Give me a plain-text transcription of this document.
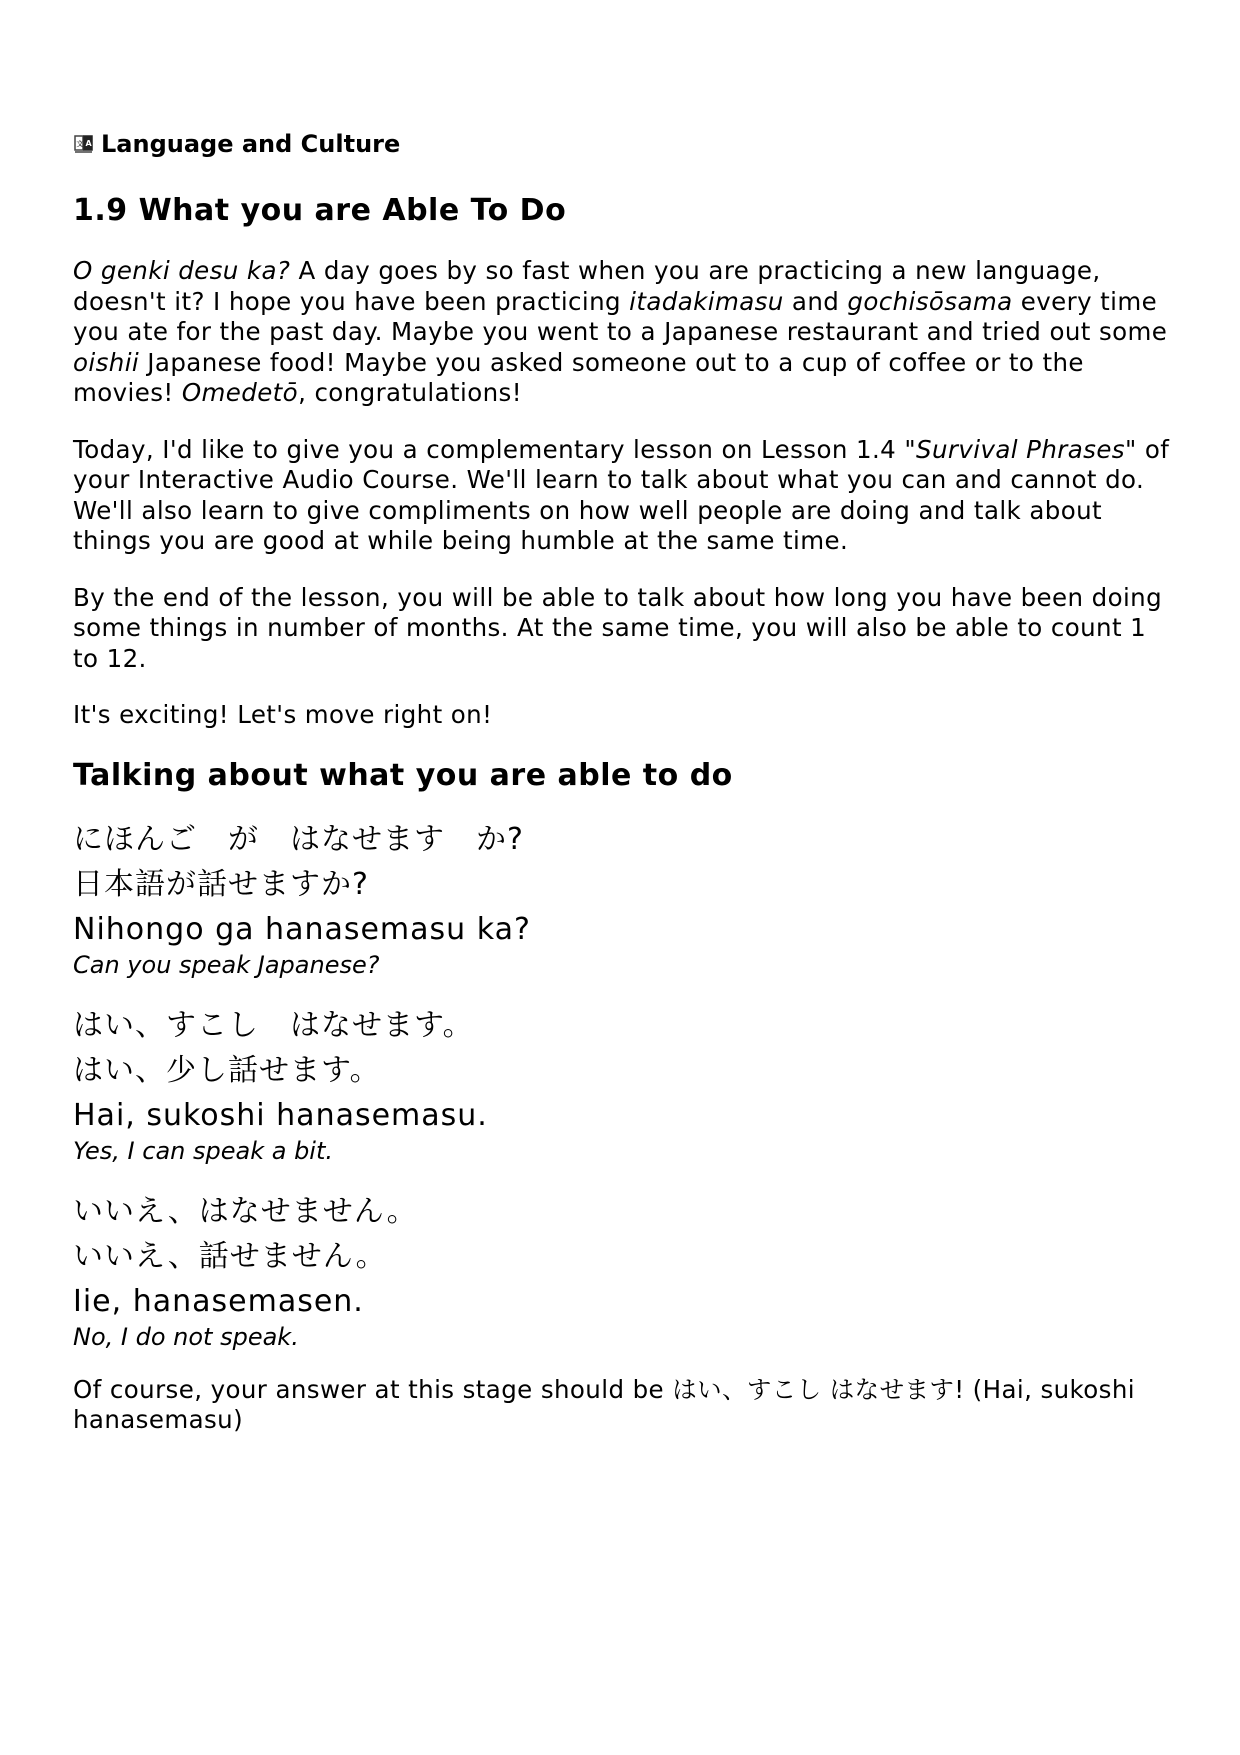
文 A Language and Culture
1.9 What you are Able To Do

O genki desu ka? A day goes by so fast when you are practicing a new language, doesn't it? I hope you have been practicing itadakimasu and gochisōsama every time you ate for the past day. Maybe you went to a Japanese restaurant and tried out some oishii Japanese food! Maybe you asked someone out to a cup of coffee or to the movies! Omedetō, congratulations!

Today, I'd like to give you a complementary lesson on Lesson 1.4 "Survival Phrases" of your Interactive Audio Course. We'll learn to talk about what you can and cannot do. We'll also learn to give compliments on how well people are doing and talk about things you are good at while being humble at the same time.

By the end of the lesson, you will be able to talk about how long you have been doing some things in number of months. At the same time, you will also be able to count 1 to 12.

It's exciting! Let's move right on!

Talking about what you are able to do
にほんご　が　はなせます　か?
日本語が話せますか?
Nihongo ga hanasemasu ka?
Can you speak Japanese?
はい、すこし　はなせます。
はい、少し話せます。
Hai, sukoshi hanasemasu.
Yes, I can speak a bit.
いいえ、はなせません。
いいえ、話せません。
Iie, hanasemasen.
No, I do not speak.

Of course, your answer at this stage should be はい、すこし はなせます! (Hai, sukoshi hanasemasu)
